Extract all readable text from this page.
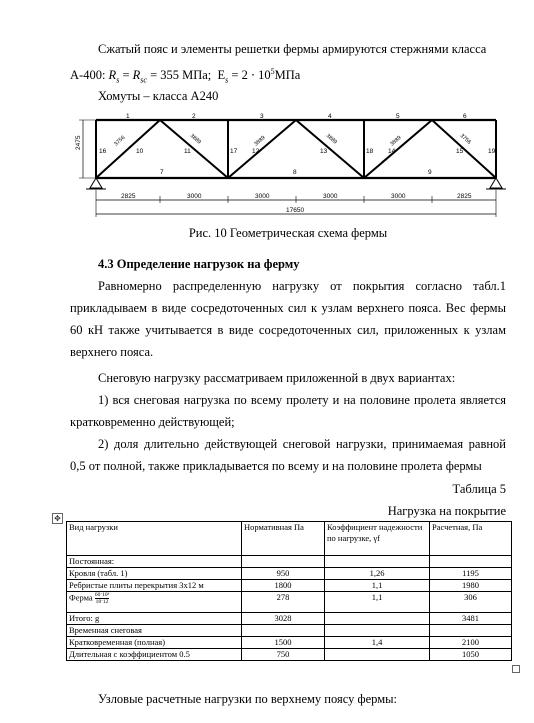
Сжатый пояс и элементы решетки фермы армируются стержнями класса
А-400: $R_s = R_{sc} = 355$ МПа; $E_s = 2 \cdot 10^5МПа$
Хомуты – класса А240
2475
1	2	3	4	5	6
7	8	9
16	17	18	19
10	11	12	13	14	15
3756	3889	3889	3889	3889	3756
2825	3000	3000	3000	3000	2825
17650
Рис. 10 Геометрическая схема фермы
4.3 Определение нагрузок на ферму
Равномерно распределенную нагрузку от покрытия согласно табл.1 прикладываем в виде сосредоточенных сил к узлам верхнего пояса. Вес фермы 60 кН также учитывается в виде сосредоточенных сил, приложенных к узлам верхнего пояса.
Снеговую нагрузку рассматриваем приложенной в двух вариантах:
1) вся снеговая нагрузка по всему пролету и на половине пролета является кратковременно действующей;
2) доля длительно действующей снеговой нагрузки, принимаемая равной 0,5 от полной, также прикладывается по всему и на половине пролета фермы
Таблица 5
Нагрузка на покрытие
✥
Вид нагрузки	Нормативная Па	Коэффициент надежности по нагрузке, γf	Расчетная, Па
Постоянная:			
Кровля (табл. 1)	950	1,26	1195
Ребристые плиты перекрытия 3x12 м	1800	1,1	1980
Ферма $\frac{\text{60⋅10³}}{18\cdot 12}$	278	1,1	306
Итого: g	3028		3481
Временная снеговая			
Кратковременная (полная)	1500	1,4	2100
Длительная с коэффициентом 0.5	750		1050
Узловые расчетные нагрузки по верхнему поясу фермы:
